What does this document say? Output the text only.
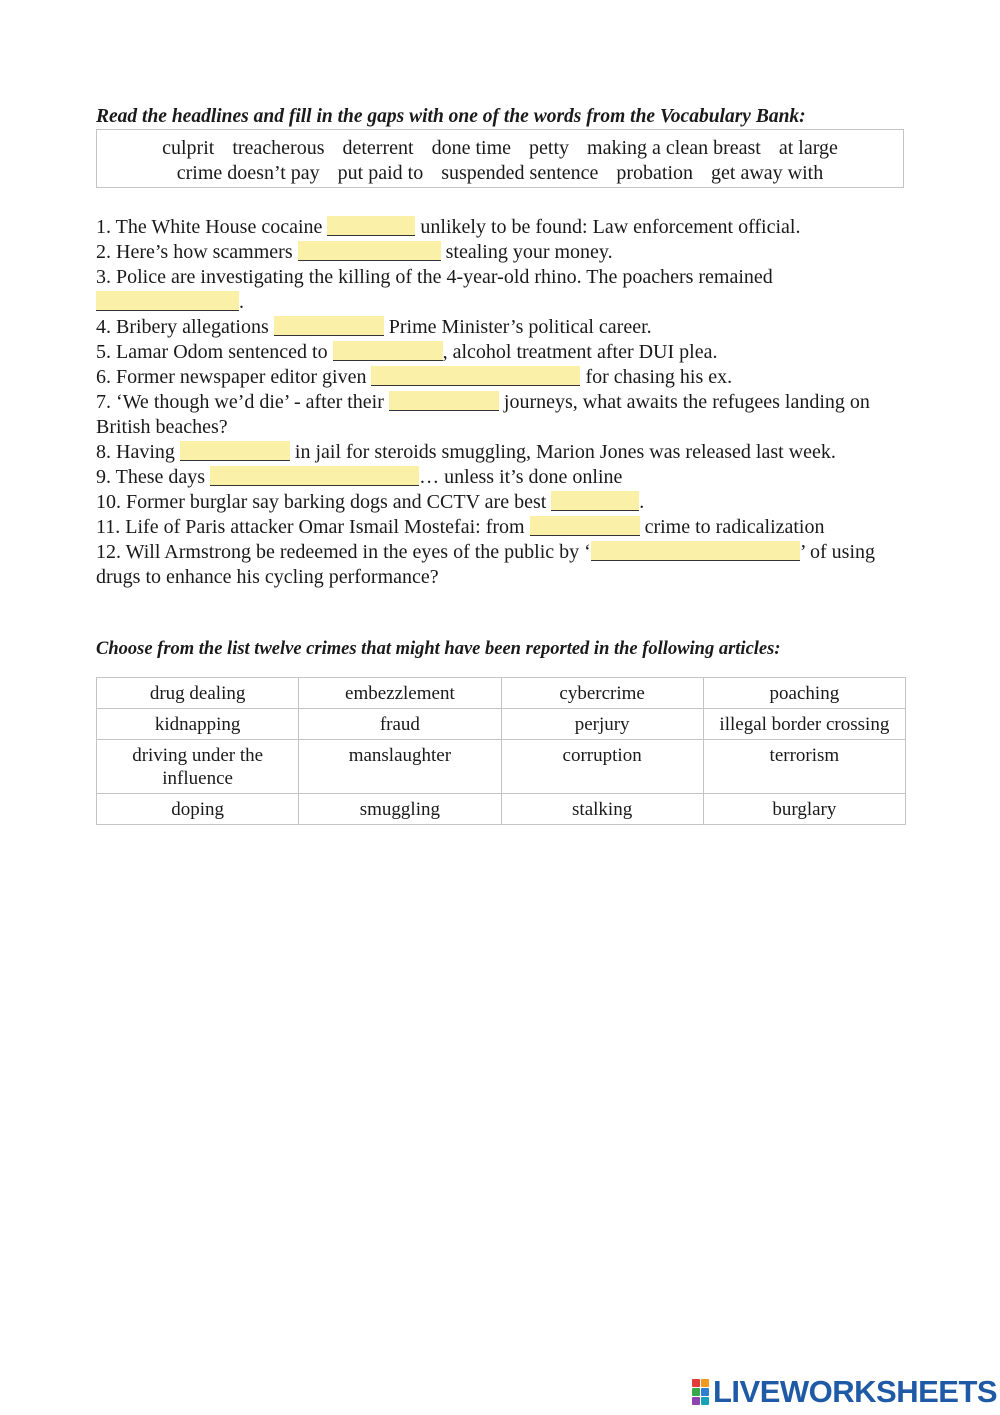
Read the headlines and fill in the gaps with one of the words from the Vocabulary Bank:

culprit treacherous deterrent done time petty making a clean breast at large
crime doesn’t pay put paid to suspended sentence probation get away with

1. The White House cocaine	unlikely to be found: Law enforcement official.

2. Here’s how scammers	stealing your money.

3. Police are investigating the killing of the 4-year-old rhino. The poachers remained .

4. Bribery allegations	Prime Minister’s political career.

5. Lamar Odom sentenced to	, alcohol treatment after DUI plea.

6. Former newspaper editor given	for chasing his ex.

7. ‘We though we’d die’ - after their	journeys, what awaits the refugees landing on British beaches?

8. Having	in jail for steroids smuggling, Marion Jones was released last week.

9. These days	… unless it’s done online

10. Former burglar say barking dogs and CCTV are best	.

11. Life of Paris attacker Omar Ismail Mostefai: from	crime to radicalization

12. Will Armstrong be redeemed in the eyes of the public by ‘	’ of using drugs to enhance his cycling performance?

Choose from the list twelve crimes that might have been reported in the following articles:

drug dealing	embezzlement	cybercrime	poaching
kidnapping	fraud	perjury	illegal border crossing
driving under the influence	manslaughter	corruption	terrorism
doping	smuggling	stalking	burglary
LIVEWORKSHEETS
